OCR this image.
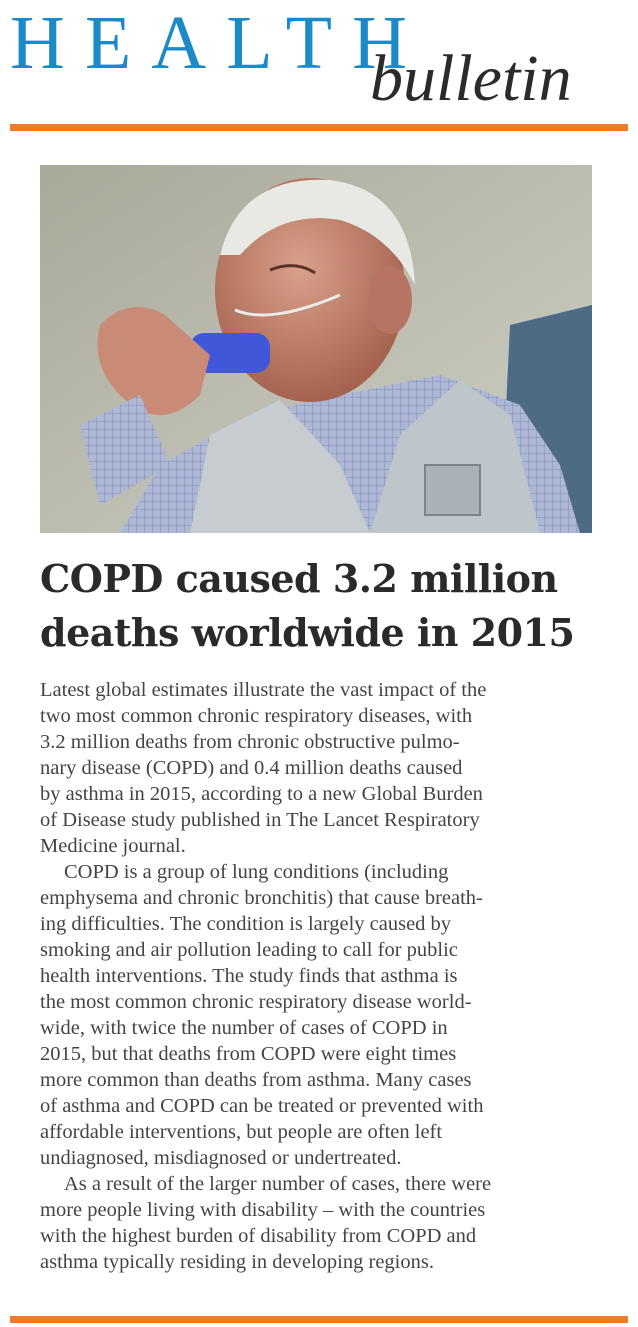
HEALTH
bulletin
COPD caused 3.2 million
deaths worldwide in 2015
Latest global estimates illustrate the vast impact of the
two most common chronic respiratory diseases, with
3.2 million deaths from chronic obstructive pulmo-
nary disease (COPD) and 0.4 million deaths caused
by asthma in 2015, according to a new Global Burden
of Disease study published in The Lancet Respiratory
Medicine journal.
COPD is a group of lung conditions (including
emphysema and chronic bronchitis) that cause breath-
ing difficulties. The condition is largely caused by
smoking and air pollution leading to call for public
health interventions. The study finds that asthma is
the most common chronic respiratory disease world-
wide, with twice the number of cases of COPD in
2015, but that deaths from COPD were eight times
more common than deaths from asthma. Many cases
of asthma and COPD can be treated or prevented with
affordable interventions, but people are often left
undiagnosed, misdiagnosed or undertreated.
As a result of the larger number of cases, there were
more people living with disability – with the countries
with the highest burden of disability from COPD and
asthma typically residing in developing regions.
